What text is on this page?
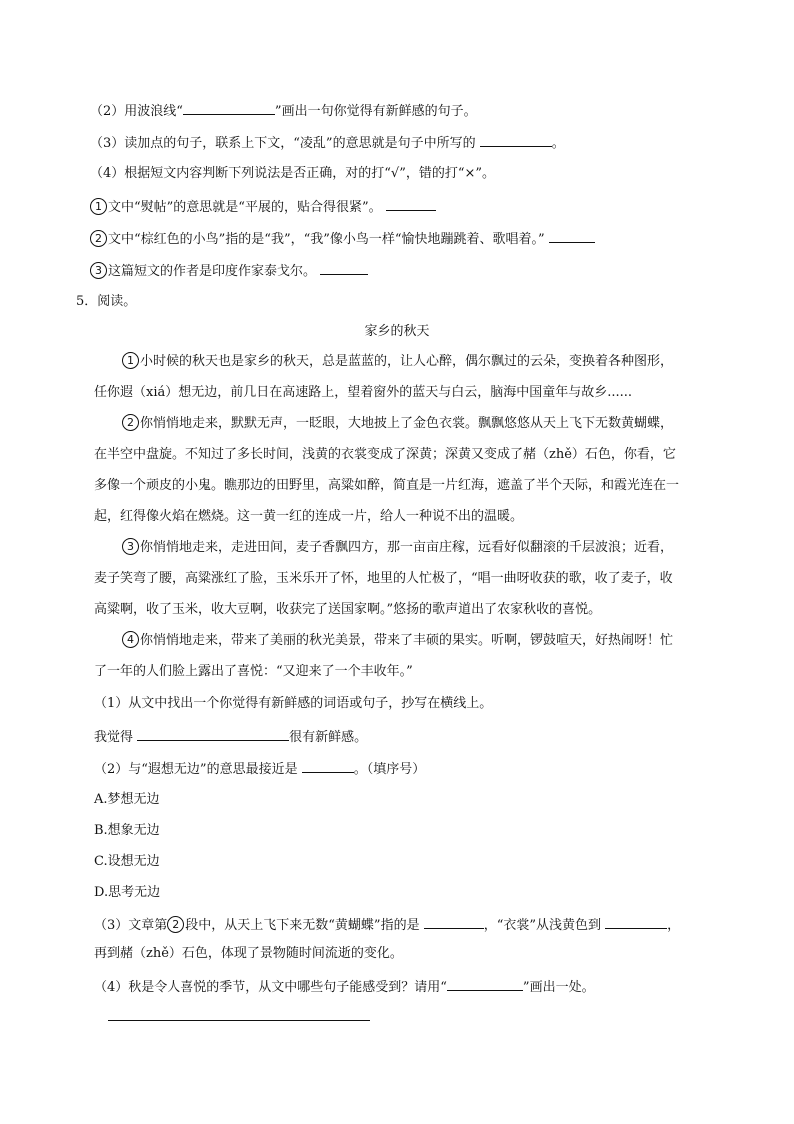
（2）用波浪线“	”画出一句你觉得有新鲜感的句子。
（3）读加点的句子，联系上下文，“凌乱”的意思就是句子中所写的	。
（4）根据短文内容判断下列说法是否正确，对的打“√”，错的打“×”。
1 文中“熨帖”的意思就是“平展的，贴合得很紧”。
2 文中“棕红色的小鸟”指的是“我”，“我”像小鸟一样“愉快地蹦跳着、歌唱着。”
3 这篇短文的作者是印度作家泰戈尔。
5．阅读。
家乡的秋天
1 小时候的秋天也是家乡的秋天，总是蓝蓝的，让人心醉，偶尔飘过的云朵，变换着各种图形，
任你遐（xiá）想无边，前几日在高速路上，望着窗外的蓝天与白云，脑海中国童年与故乡......
2 你悄悄地走来，默默无声，一眨眼，大地披上了金色衣裳。飘飘悠悠从天上飞下无数黄蝴蝶，
在半空中盘旋。不知过了多长时间，浅黄的衣裳变成了深黄；深黄又变成了赭（zhě）石色，你看，它
多像一个顽皮的小鬼。瞧那边的田野里，高粱如醉，简直是一片红海，遮盖了半个天际，和霞光连在一
起，红得像火焰在燃烧。这一黄一红的连成一片，给人一种说不出的温暖。
3 你悄悄地走来，走进田间，麦子香飘四方，那一亩亩庄稼，远看好似翻滚的千层波浪；近看，
麦子笑弯了腰，高粱涨红了脸，玉米乐开了怀，地里的人忙极了，“唱一曲呀收获的歌，收了麦子，收
高粱啊，收了玉米，收大豆啊，收获完了送国家啊。”悠扬的歌声道出了农家秋收的喜悦。
4 你悄悄地走来，带来了美丽的秋光美景，带来了丰硕的果实。听啊，锣鼓喧天，好热闹呀！忙
了一年的人们脸上露出了喜悦：“又迎来了一个丰收年。”
（1）从文中找出一个你觉得有新鲜感的词语或句子，抄写在横线上。
我觉得	很有新鲜感。
（2）与“遐想无边”的意思最接近是	。（填序号）
A.梦想无边
B.想象无边
C.设想无边
D.思考无边
（3）文章第 2 段中，从天上飞下来无数“黄蝴蝶”指的是	，“衣裳”从浅黄色到	，
再到赭（zhě）石色，体现了景物随时间流逝的变化。
（4）秋是令人喜悦的季节，从文中哪些句子能感受到？请用“	”画出一处。
